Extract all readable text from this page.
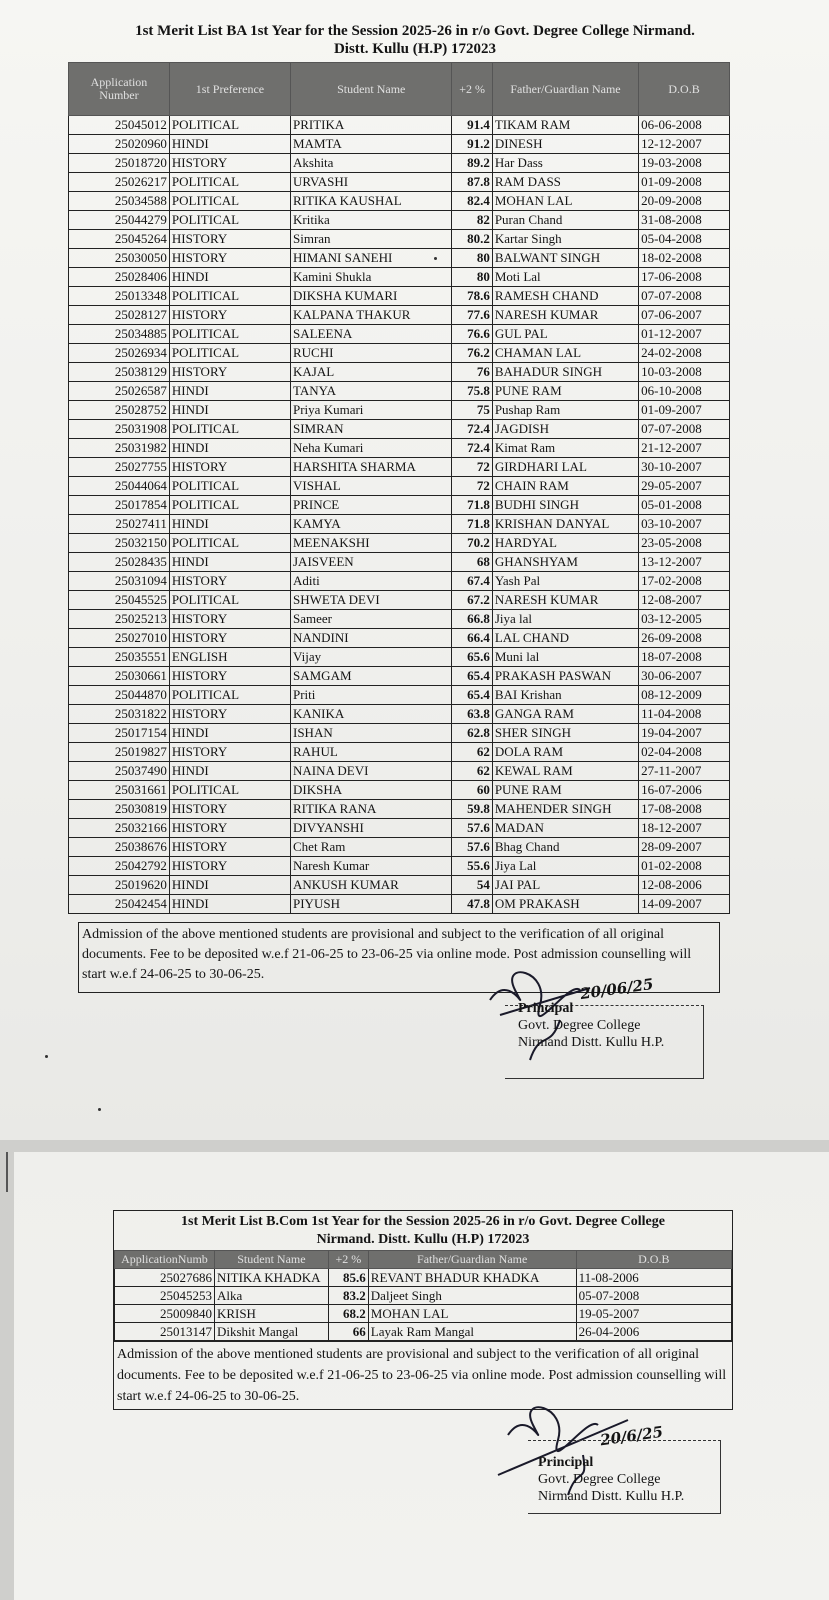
1st Merit List BA 1st Year for the Session 2025-26 in r/o Govt. Degree College Nirmand.
Distt. Kullu (H.P) 172023
Application Number	1st Preference	Student Name	+2 %	Father/Guardian Name	D.O.B
25045012	POLITICAL	PRITIKA	91.4	TIKAM RAM	06-06-2008
25020960	HINDI	MAMTA	91.2	DINESH	12-12-2007
25018720	HISTORY	Akshita	89.2	Har Dass	19-03-2008
25026217	POLITICAL	URVASHI	87.8	RAM DASS	01-09-2008
25034588	POLITICAL	RITIKA KAUSHAL	82.4	MOHAN LAL	20-09-2008
25044279	POLITICAL	Kritika	82	Puran Chand	31-08-2008
25045264	HISTORY	Simran	80.2	Kartar Singh	05-04-2008
25030050	HISTORY	HIMANI SANEHI	80	BALWANT SINGH	18-02-2008
25028406	HINDI	Kamini Shukla	80	Moti Lal	17-06-2008
25013348	POLITICAL	DIKSHA KUMARI	78.6	RAMESH CHAND	07-07-2008
25028127	HISTORY	KALPANA THAKUR	77.6	NARESH KUMAR	07-06-2007
25034885	POLITICAL	SALEENA	76.6	GUL PAL	01-12-2007
25026934	POLITICAL	RUCHI	76.2	CHAMAN LAL	24-02-2008
25038129	HISTORY	KAJAL	76	BAHADUR SINGH	10-03-2008
25026587	HINDI	TANYA	75.8	PUNE RAM	06-10-2008
25028752	HINDI	Priya Kumari	75	Pushap Ram	01-09-2007
25031908	POLITICAL	SIMRAN	72.4	JAGDISH	07-07-2008
25031982	HINDI	Neha Kumari	72.4	Kimat Ram	21-12-2007
25027755	HISTORY	HARSHITA SHARMA	72	GIRDHARI LAL	30-10-2007
25044064	POLITICAL	VISHAL	72	CHAIN RAM	29-05-2007
25017854	POLITICAL	PRINCE	71.8	BUDHI SINGH	05-01-2008
25027411	HINDI	KAMYA	71.8	KRISHAN DANYAL	03-10-2007
25032150	POLITICAL	MEENAKSHI	70.2	HARDYAL	23-05-2008
25028435	HINDI	JAISVEEN	68	GHANSHYAM	13-12-2007
25031094	HISTORY	Aditi	67.4	Yash Pal	17-02-2008
25045525	POLITICAL	SHWETA DEVI	67.2	NARESH KUMAR	12-08-2007
25025213	HISTORY	Sameer	66.8	Jiya lal	03-12-2005
25027010	HISTORY	NANDINI	66.4	LAL CHAND	26-09-2008
25035551	ENGLISH	Vijay	65.6	Muni lal	18-07-2008
25030661	HISTORY	SAMGAM	65.4	PRAKASH PASWAN	30-06-2007
25044870	POLITICAL	Priti	65.4	BAI Krishan	08-12-2009
25031822	HISTORY	KANIKA	63.8	GANGA RAM	11-04-2008
25017154	HINDI	ISHAN	62.8	SHER SINGH	19-04-2007
25019827	HISTORY	RAHUL	62	DOLA RAM	02-04-2008
25037490	HINDI	NAINA DEVI	62	KEWAL RAM	27-11-2007
25031661	POLITICAL	DIKSHA	60	PUNE RAM	16-07-2006
25030819	HISTORY	RITIKA RANA	59.8	MAHENDER SINGH	17-08-2008
25032166	HISTORY	DIVYANSHI	57.6	MADAN	18-12-2007
25038676	HISTORY	Chet Ram	57.6	Bhag Chand	28-09-2007
25042792	HISTORY	Naresh Kumar	55.6	Jiya Lal	01-02-2008
25019620	HINDI	ANKUSH KUMAR	54	JAI PAL	12-08-2006
25042454	HINDI	PIYUSH	47.8	OM PRAKASH	14-09-2007
Admission of the above mentioned students are provisional and subject to the verification of all original documents. Fee to be deposited w.e.f 21-06-25 to 23-06-25 via online mode. Post admission counselling will start w.e.f 24-06-25 to 30-06-25.
20/06/25
Principal
Govt. Degree College
Nirmand Distt. Kullu H.P.
1st Merit List B.Com 1st Year for the Session 2025-26 in r/o Govt. Degree College
Nirmand. Distt. Kullu (H.P) 172023
ApplicationNumb	Student Name	+2 %	Father/Guardian Name	D.O.B
25027686	NITIKA KHADKA	85.6	REVANT BHADUR KHADKA	11-08-2006
25045253	Alka	83.2	Daljeet Singh	05-07-2008
25009840	KRISH	68.2	MOHAN LAL	19-05-2007
25013147	Dikshit Mangal	66	Layak Ram Mangal	26-04-2006
Admission of the above mentioned students are provisional and subject to the verification of all original documents. Fee to be deposited w.e.f 21-06-25 to 23-06-25 via online mode. Post admission counselling will start w.e.f 24-06-25 to 30-06-25.
20/6/25
Principal
Govt. Degree College
Nirmand Distt. Kullu H.P.
